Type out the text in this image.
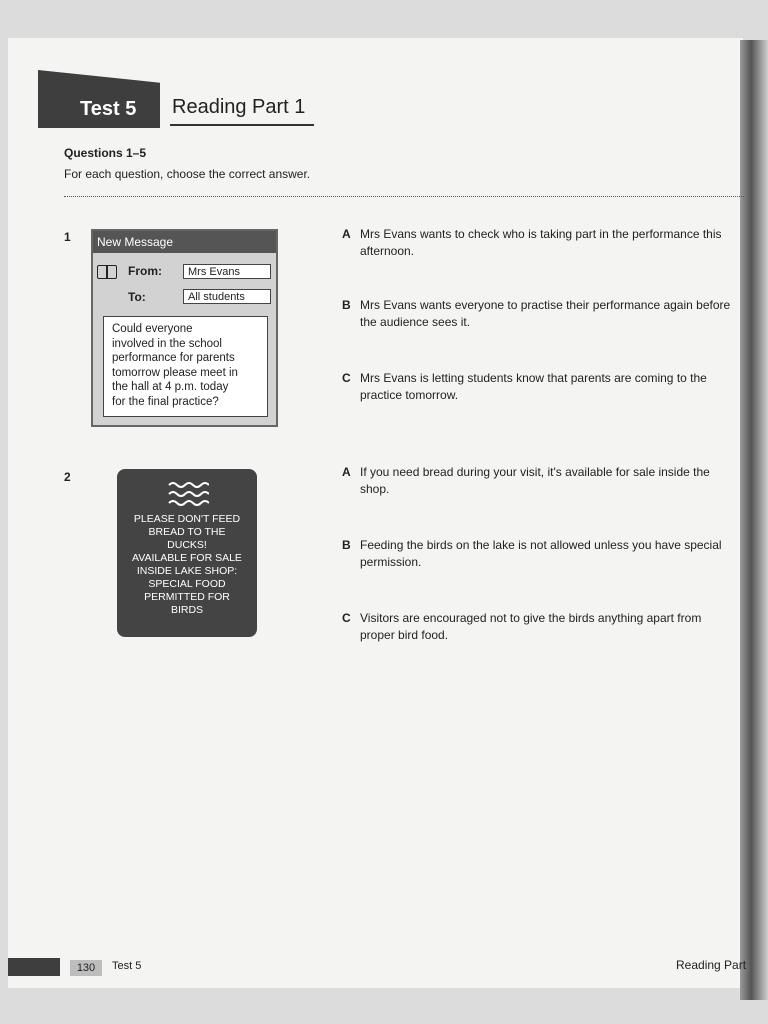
Test 5 Reading Part 1
Questions 1–5
For each question, choose the correct answer.
1	New Message
From:	Mrs Evans
To:	All students
Could everyone
involved in the school
performance for parents
tomorrow please meet in
the hall at 4 p.m. today
for the final practice?
A Mrs Evans wants to check who is taking part in the performance this afternoon.
B Mrs Evans wants everyone to practise their performance again before the audience sees it.
C Mrs Evans is letting students know that parents are coming to the practice tomorrow.
2
PLEASE DON'T FEED
BREAD TO THE
DUCKS!
AVAILABLE FOR SALE
INSIDE LAKE SHOP:
SPECIAL FOOD
PERMITTED FOR
BIRDS
A If you need bread during your visit, it's available for sale inside the shop.
B Feeding the birds on the lake is not allowed unless you have special permission.
C Visitors are encouraged not to give the birds anything apart from proper bird food.
130	Test 5	Reading Part
